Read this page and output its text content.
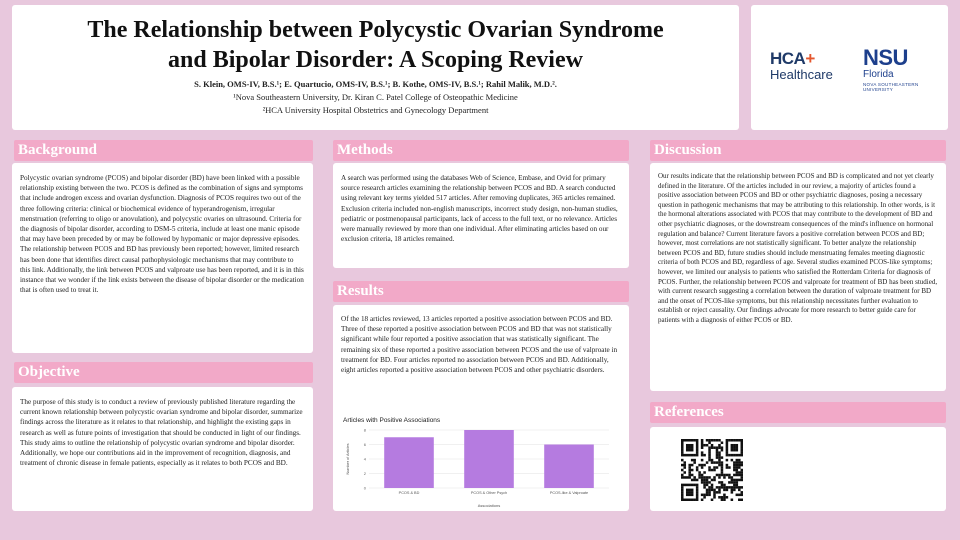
The Relationship between Polycystic Ovarian Syndrome
and Bipolar Disorder: A Scoping Review
S. Klein, OMS-IV, B.S.¹; E. Quartucio, OMS-IV, B.S.¹; B. Kothe, OMS-IV, B.S.¹; Rahil Malik, M.D.².
¹Nova Southeastern University, Dr. Kiran C. Patel College of Osteopathic Medicine
²HCA University Hospital Obstetrics and Gynecology Department
HCA+
Healthcare
NSU
Florida
NOVA SOUTHEASTERN
UNIVERSITY
Background
Polycystic ovarian syndrome (PCOS) and bipolar disorder (BD) have been linked with a possible relationship existing between the two. PCOS is defined as the combination of signs and symptoms that include androgen excess and ovarian dysfunction. Diagnosis of PCOS requires two out of the three following criteria: clinical or biochemical evidence of hyperandrogenism, irregular menstruation (referring to oligo or anovulation), and polycystic ovaries on ultrasound. Criteria for the diagnosis of bipolar disorder, according to DSM-5 criteria, include at least one manic episode that may have been preceded by or may be followed by hypomanic or major depressive episodes. The relationship between PCOS and BD has previously been reported; however, limited research has been done that identifies direct causal pathophysiologic mechanisms that may contribute to this link. Additionally, the link between PCOS and valproate use has been reported, and it is in this instance that we wonder if the link exists between the disease of bipolar disorder or the medication that is often used to treat it.
Objective
The purpose of this study is to conduct a review of previously published literature regarding the current known relationship between polycystic ovarian syndrome and bipolar disorder, summarize findings across the literature as it relates to that relationship, and highlight the existing gaps in research as well as future points of investigation that should be conducted in light of our findings. This study aims to outline the relationship of polycystic ovarian syndrome and bipolar disorder. Additionally, we hope our contributions aid in the improvement of recognition, diagnosis, and treatment of chronic disease in female patients, especially as it relates to both PCOS and BD.
Methods
A search was performed using the databases Web of Science, Embase, and Ovid for primary source research articles examining the relationship between PCOS and BD. A search conducted using relevant key terms yielded 517 articles. After removing duplicates, 365 articles remained. Exclusion criteria included non-english manuscripts, incorrect study design, non-human studies, pediatric or postmenopausal participants, lack of access to the full text, or no relevance. Articles were manually reviewed by more than one individual. After eliminating articles based on our exclusion criteria, 18 articles remained.
Results
Of the 18 articles reviewed, 13 articles reported a positive association between PCOS and BD. Three of these reported a positive association between PCOS and BD that was not statistically significant while four reported a positive association that was statistically significant. The remaining six of these reported a positive association between PCOS and the use of valproate in treatment for BD. Four articles reported no association between PCOS and BD. Additionally, eight articles reported a positive association between PCOS and other psychiatric disorders.
Articles with Positive Associations
0
2
4
6
8
Number of Articles
PCOS & BD	PCOS & Other Psych	PCOS-like & Valproate
Associations
Discussion
Our results indicate that the relationship between PCOS and BD is complicated and not yet clearly defined in the literature. Of the articles included in our review, a majority of articles found a positive association between PCOS and BD or other psychiatric diagnoses, posing a necessary question in pathogenic mechanisms that may be attributing to this relationship. In other words, is it the hormonal alterations associated with PCOS that may contribute to the development of BD and other psychiatric diagnoses, or the downstream consequences of the mind's influence on hormonal regulation and balance? Current literature favors a positive correlation between PCOS and BD; however, most correlations are not statistically significant. To better analyze the relationship between PCOS and BD, future studies should include menstruating females meeting diagnostic criteria of both PCOS and BD, regardless of age. Several studies examined PCOS-like symptoms; however, we limited our analysis to patients who satisfied the Rotterdam Criteria for diagnosis of PCOS. Further, the relationship between PCOS and valproate for treatment of BD has been studied, with current research suggesting a correlation between the duration of valproate treatment for BD and the onset of PCOS-like symptoms, but this relationship necessitates further evaluation to establish or reject causality. Our findings advocate for more research to better guide care for patients with a diagnosis of either PCOS or BD.
References
